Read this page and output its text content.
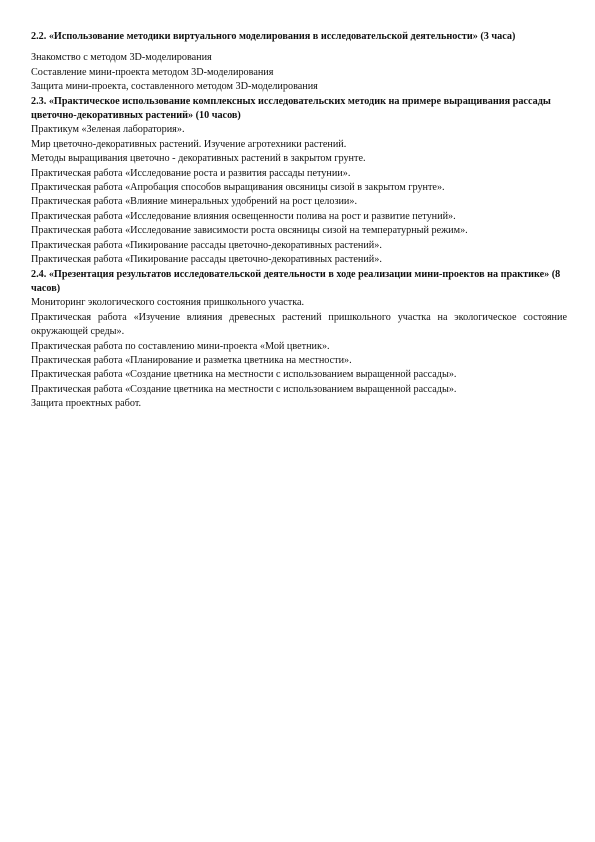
2.2. «Использование методики виртуального моделирования в исследовательской деятельности» (3 часа)

Знакомство с методом 3D-моделирования

Составление мини-проекта методом 3D-моделирования

Защита мини-проекта, составленного методом 3D-моделирования

2.3. «Практическое использование комплексных исследовательских методик на примере выращивания рассады цветочно-декоративных растений» (10 часов)

Практикум «Зеленая лаборатория».

Мир цветочно-декоративных растений. Изучение агротехники растений.

Методы выращивания цветочно - декоративных растений в закрытом грунте.

Практическая работа «Исследование роста и развития рассады петунии».

Практическая работа «Апробация способов выращивания овсяницы сизой в закрытом грунте».

Практическая работа «Влияние минеральных удобрений на рост целозии».

Практическая работа «Исследование влияния освещенности полива на рост и развитие петуний».

Практическая работа «Исследование зависимости роста овсяницы сизой на температурный режим».

Практическая работа «Пикирование рассады цветочно-декоративных растений».

Практическая работа «Пикирование рассады цветочно-декоративных растений».

2.4. «Презентация результатов исследовательской деятельности в ходе реализации мини-проектов на практике» (8 часов)

Мониторинг экологического состояния пришкольного участка.

Практическая работа «Изучение влияния древесных растений пришкольного участка на экологическое состояние окружающей среды».

Практическая работа по составлению мини-проекта «Мой цветник».

Практическая работа «Планирование и разметка цветника на местности».

Практическая работа «Создание цветника на местности с использованием выращенной рассады».

Практическая работа «Создание цветника на местности с использованием выращенной рассады».

Защита проектных работ.
